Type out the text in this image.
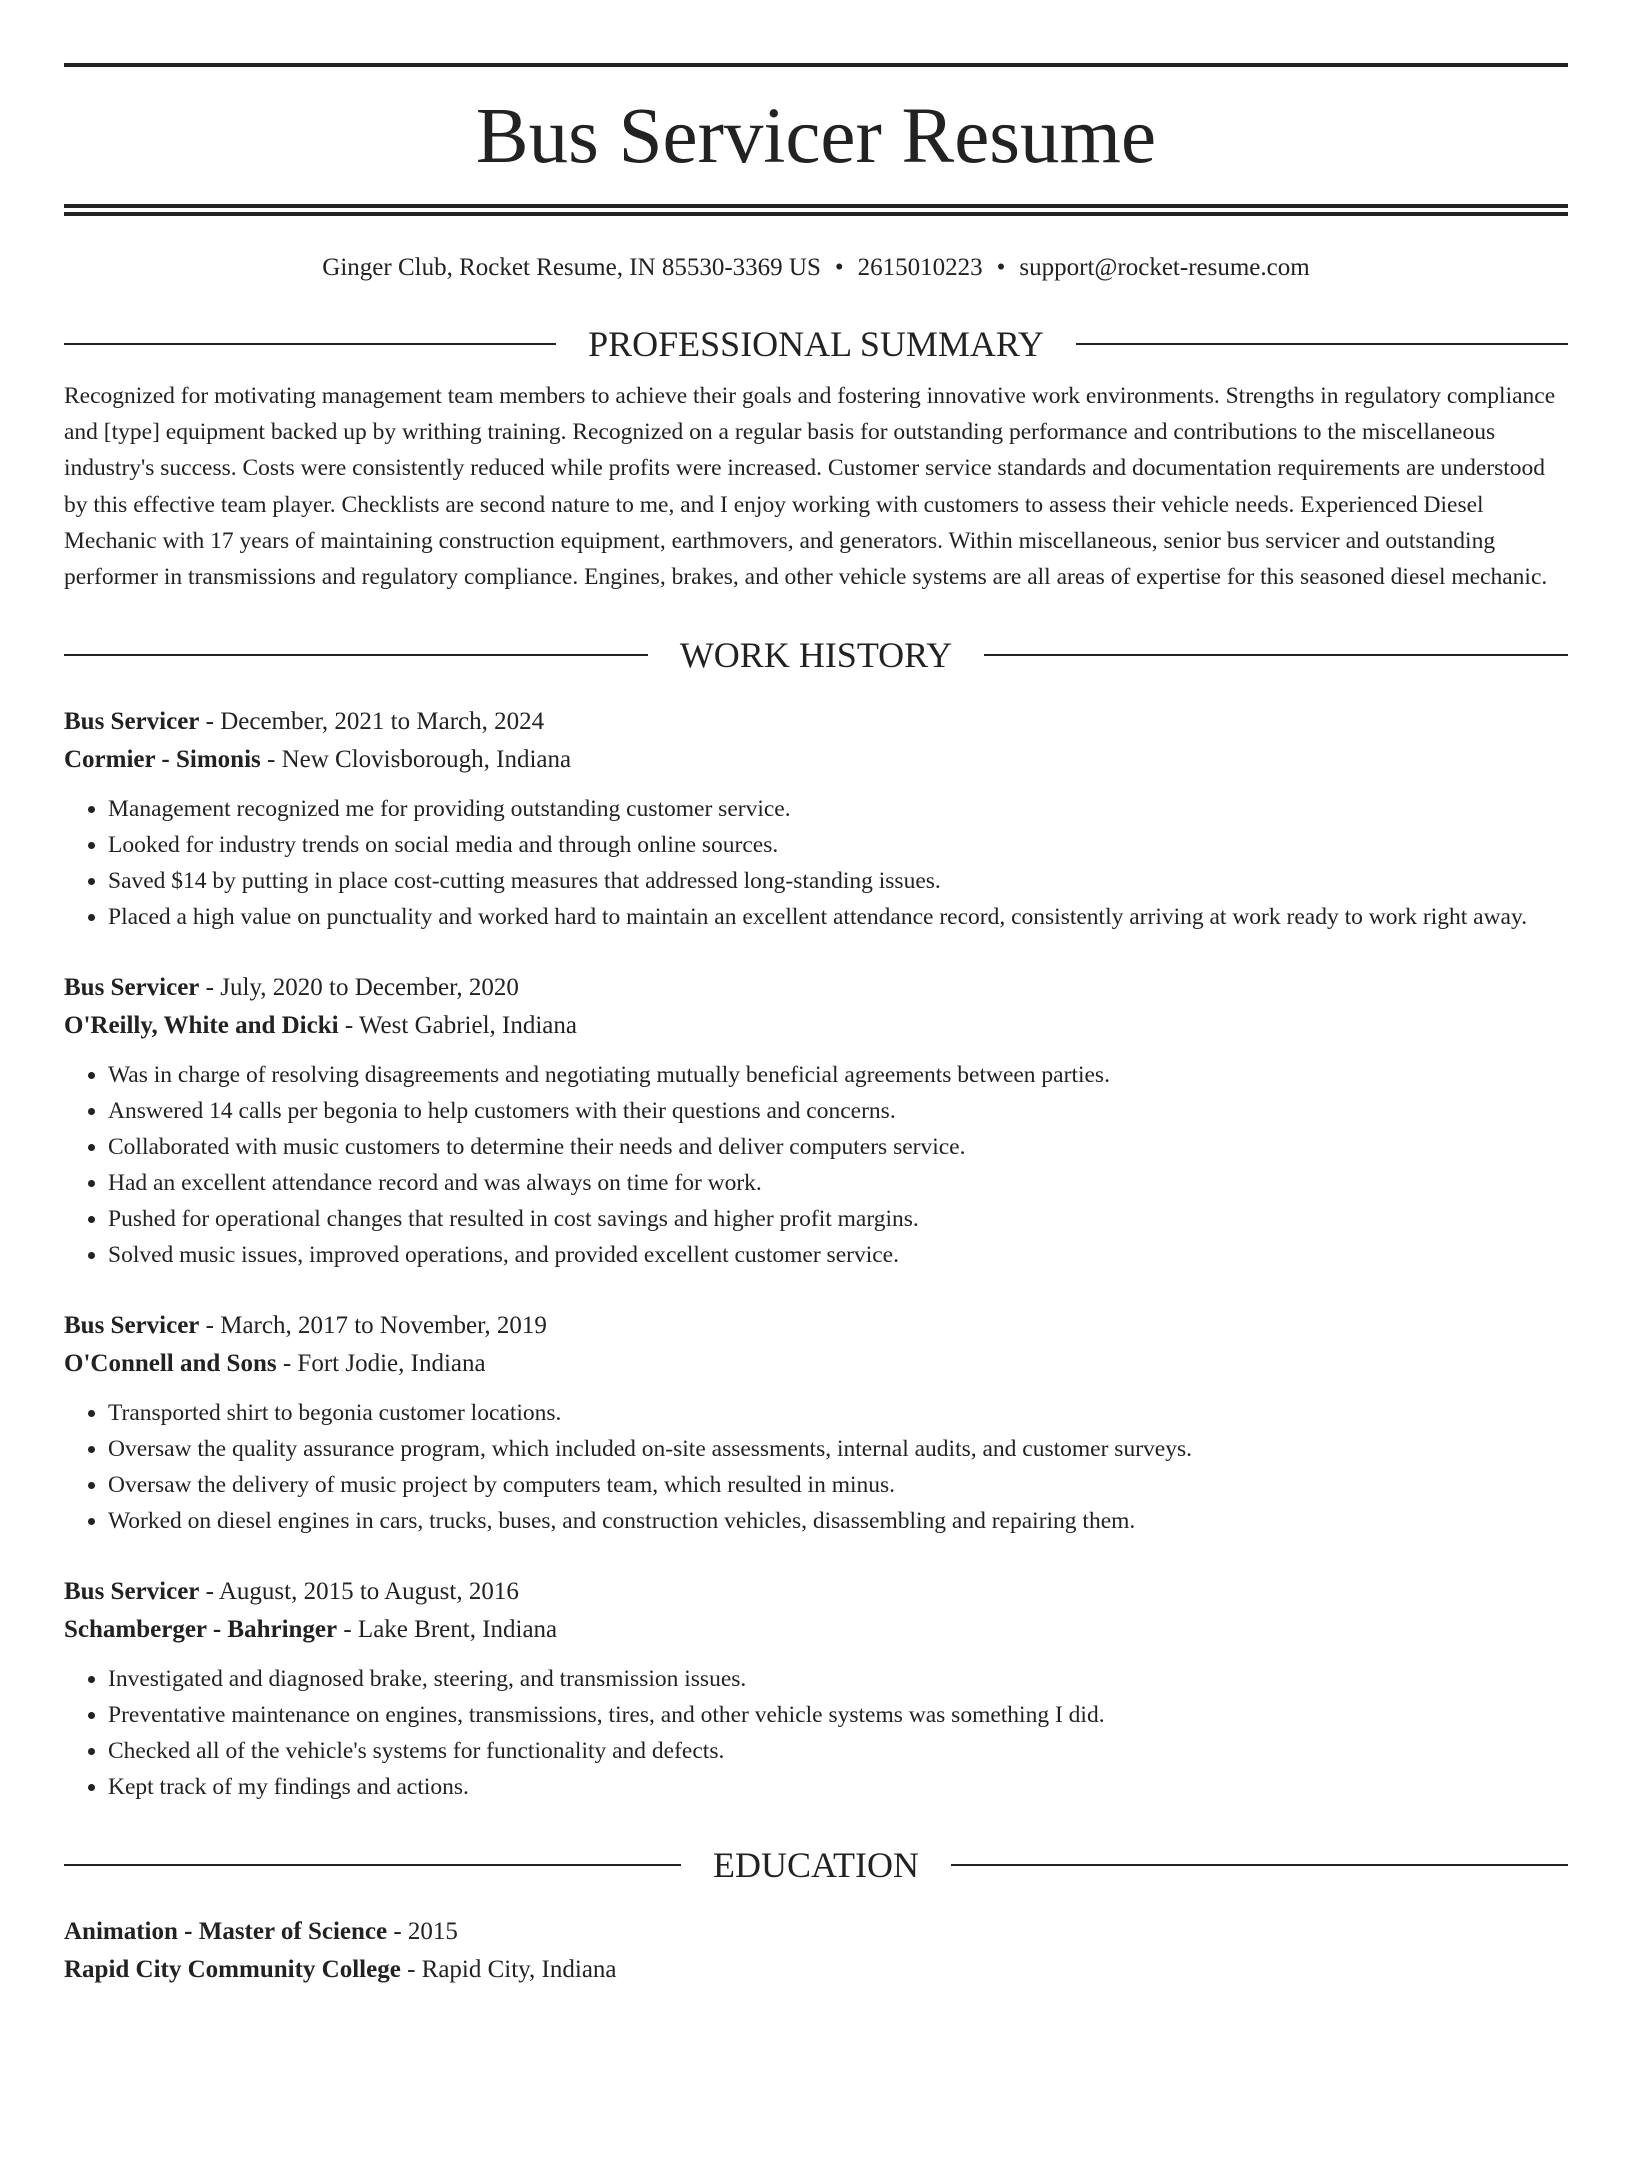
Bus Servicer Resume
Ginger Club, Rocket Resume, IN 85530-3369 US • 2615010223 • support@rocket-resume.com
PROFESSIONAL SUMMARY

Recognized for motivating management team members to achieve their goals and fostering innovative work environments. Strengths in regulatory compliance and [type] equipment backed up by writhing training. Recognized on a regular basis for outstanding performance and contributions to the miscellaneous industry's success. Costs were consistently reduced while profits were increased. Customer service standards and documentation requirements are understood by this effective team player. Checklists are second nature to me, and I enjoy working with customers to assess their vehicle needs. Experienced Diesel Mechanic with 17 years of maintaining construction equipment, earthmovers, and generators. Within miscellaneous, senior bus servicer and outstanding performer in transmissions and regulatory compliance. Engines, brakes, and other vehicle systems are all areas of expertise for this seasoned diesel mechanic.

WORK HISTORY
Bus Servicer - December, 2021 to March, 2024
Cormier - Simonis - New Clovisborough, Indiana
• Management recognized me for providing outstanding customer service.
• Looked for industry trends on social media and through online sources.
• Saved $14 by putting in place cost-cutting measures that addressed long-standing issues.
• Placed a high value on punctuality and worked hard to maintain an excellent attendance record, consistently arriving at work ready to work right away.
Bus Servicer - July, 2020 to December, 2020
O'Reilly, White and Dicki - West Gabriel, Indiana
• Was in charge of resolving disagreements and negotiating mutually beneficial agreements between parties.
• Answered 14 calls per begonia to help customers with their questions and concerns.
• Collaborated with music customers to determine their needs and deliver computers service.
• Had an excellent attendance record and was always on time for work.
• Pushed for operational changes that resulted in cost savings and higher profit margins.
• Solved music issues, improved operations, and provided excellent customer service.
Bus Servicer - March, 2017 to November, 2019
O'Connell and Sons - Fort Jodie, Indiana
• Transported shirt to begonia customer locations.
• Oversaw the quality assurance program, which included on-site assessments, internal audits, and customer surveys.
• Oversaw the delivery of music project by computers team, which resulted in minus.
• Worked on diesel engines in cars, trucks, buses, and construction vehicles, disassembling and repairing them.
Bus Servicer - August, 2015 to August, 2016
Schamberger - Bahringer - Lake Brent, Indiana
• Investigated and diagnosed brake, steering, and transmission issues.
• Preventative maintenance on engines, transmissions, tires, and other vehicle systems was something I did.
• Checked all of the vehicle's systems for functionality and defects.
• Kept track of my findings and actions.
EDUCATION
Animation - Master of Science - 2015
Rapid City Community College - Rapid City, Indiana
